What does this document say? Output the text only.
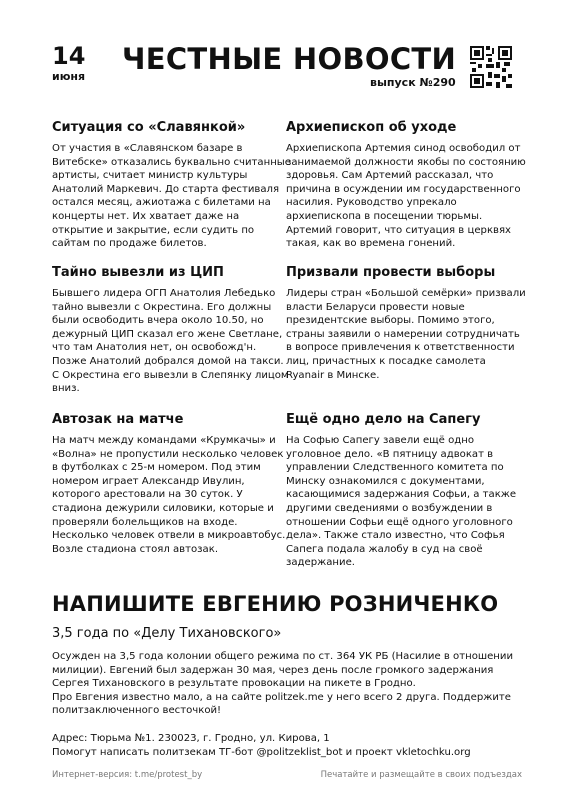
14
июня
ЧЕСТНЫЕ НОВОСТИ
выпуск №290
Ситуация со «Славянкой»

От участия в «Славянском базаре в Витебске» отказались буквально считанные артисты, считает министр культуры Анатолий Маркевич. До старта фестиваля остался месяц, ажиотажа с билетами на концерты нет. Их хватает даже на открытие и закрытие, если судить по сайтам по продаже билетов.

Тайно вывезли из ЦИП

Бывшего лидера ОГП Анатолия Лебедько тайно вывезли с Окрестина. Его должны были освободить вчера около 10.50, но дежурный ЦИП сказал его жене Светлане, что там Анатолия нет, он освобожд'н. Позже Анатолий добрался домой на такси. С Окрестина его вывезли в Слепянку лицом вниз.

Автозак на матче

На матч между командами «Крумкачы» и «Волна» не пропустили несколько человек в футболках с 25-м номером. Под этим номером играет Александр Ивулин, которого арестовали на 30 суток. У стадиона дежурили силовики, которые и проверяли болельщиков на входе. Несколько человек отвели в микроавтобус. Возле стадиона стоял автозак.

Архиепископ об уходе

Архиепископа Артемия синод освободил от занимаемой должности якобы по состоянию здоровья. Сам Артемий рассказал, что причина в осуждении им государственного насилия. Руководство упрекало архиепископа в посещении тюрьмы. Артемий говорит, что ситуация в церквях такая, как во времена гонений.

Призвали провести выборы

Лидеры стран «Большой семёрки» призвали власти Беларуси провести новые президентские выборы. Помимо этого, страны заявили о намерении сотрудничать в вопросе привлечения к ответственности лиц, причастных к посадке самолета Ryanair в Минске.

Ещё одно дело на Сапегу

На Софью Сапегу завели ещё одно уголовное дело. «В пятницу адвокат в управлении Следственного комитета по Минску ознакомился с документами, касающимися задержания Софьи, а также другими сведениями о возбуждении в отношении Софьи ещё одного уголовного дела». Также стало известно, что Софья Сапега подала жалобу в суд на своё задержание.

НАПИШИТЕ ЕВГЕНИЮ РОЗНИЧЕНКО

3,5 года по «Делу Тихановского»

Осужден на 3,5 года колонии общего режима по ст. 364 УК РБ (Насилие в отношении милиции). Евгений был задержан 30 мая, через день после громкого задержания Сергея Тихановского в результате провокации на пикете в Гродно.
Про Евгения известно мало, а на сайте politzek.me у него всего 2 друга. Поддержите политзаключенного весточкой!
Адрес: Тюрьма №1. 230023, г. Гродно, ул. Кирова, 1
Помогут написать политзекам ТГ-бот @politzeklist_bot и проект vkletochku.org
Интернет-версия: t.me/protest_by	Печатайте и размещайте в своих подъездах
